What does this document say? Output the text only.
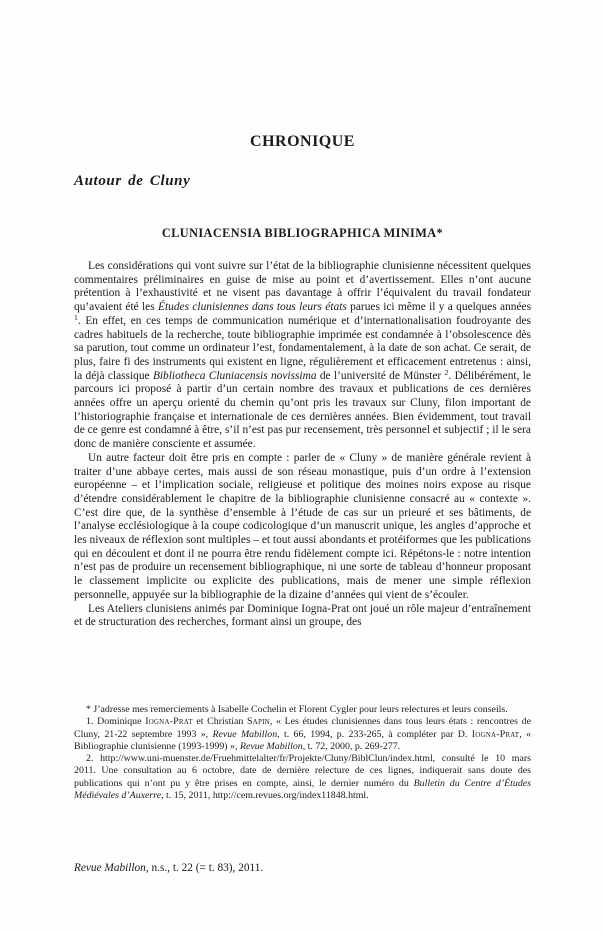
CHRONIQUE
Autour de Cluny
CLUNIACENSIA BIBLIOGRAPHICA MINIMA*

Les considérations qui vont suivre sur l’état de la bibliographie clunisienne nécessitent quelques commentaires préliminaires en guise de mise au point et d’avertissement. Elles n’ont aucune prétention à l’exhaustivité et ne visent pas davantage à offrir l’équivalent du travail fondateur qu’avaient été les Études clunisiennes dans tous leurs états parues ici même il y a quelques années $^1$. En effet, en ces temps de communication numérique et d’internationalisation foudroyante des cadres habituels de la recherche, toute bibliographie imprimée est condamnée à l’obsolescence dès sa parution, tout comme un ordinateur l’est, fondamentalement, à la date de son achat. Ce serait, de plus, faire fi des instruments qui existent en ligne, régulièrement et efficacement entretenus : ainsi, la déjà classique Bibliotheca Cluniacensis novissima de l’université de Münster $^2$. Délibérément, le parcours ici proposé à partir d’un certain nombre des travaux et publications de ces dernières années offre un aperçu orienté du chemin qu’ont pris les travaux sur Cluny, filon important de l’historiographie française et internationale de ces dernières années. Bien évidemment, tout travail de ce genre est condamné à être, s’il n’est pas pur recensement, très personnel et subjectif ; il le sera donc de manière consciente et assumée.

Un autre facteur doit être pris en compte : parler de « Cluny » de manière générale revient à traiter d’une abbaye certes, mais aussi de son réseau monastique, puis d’un ordre à l’extension européenne – et l’implication sociale, religieuse et politique des moines noirs expose au risque d’étendre considérablement le chapitre de la bibliographie clunisienne consacré au « contexte ». C’est dire que, de la synthèse d’ensemble à l’étude de cas sur un prieuré et ses bâtiments, de l’analyse ecclésiologique à la coupe codicologique d’un manuscrit unique, les angles d’approche et les niveaux de réflexion sont multiples – et tout aussi abondants et protéiformes que les publications qui en découlent et dont il ne pourra être rendu fidèlement compte ici. Répétons-le : notre intention n’est pas de produire un recensement bibliographique, ni une sorte de tableau d’honneur proposant le classement implicite ou explicite des publications, mais de mener une simple réflexion personnelle, appuyée sur la bibliographie de la dizaine d’années qui vient de s’écouler.

Les Ateliers clunisiens animés par Dominique Iogna-Prat ont joué un rôle majeur d’entraînement et de structuration des recherches, formant ainsi un groupe, des

* J’adresse mes remerciements à Isabelle Cochelin et Florent Cygler pour leurs relectures et leurs conseils.

1. Dominique Iogna-Prat et Christian Sapin, « Les études clunisiennes dans tous leurs états : rencontres de Cluny, 21-22 septembre 1993 », Revue Mabillon, t. 66, 1994, p. 233-265, à compléter par D. Iogna-Prat, « Bibliographie clunisienne (1993-1999) », Revue Mabillon, t. 72, 2000, p. 269-277.

2. http://www.uni-muenster.de/Fruehmittelalter/fr/Projekte/Cluny/BiblClun/index.html, consulté le 10 mars 2011. Une consultation au 6 octobre, date de dernière relecture de ces lignes, indiquerait sans doute des publications qui n’ont pu y être prises en compte, ainsi, le dernier numéro du Bulletin du Centre d’Études Médiévales d’Auxerre, t. 15, 2011, http://cem.revues.org/index11848.html.

Revue Mabillon, n.s., t. 22 (= t. 83), 2011.
